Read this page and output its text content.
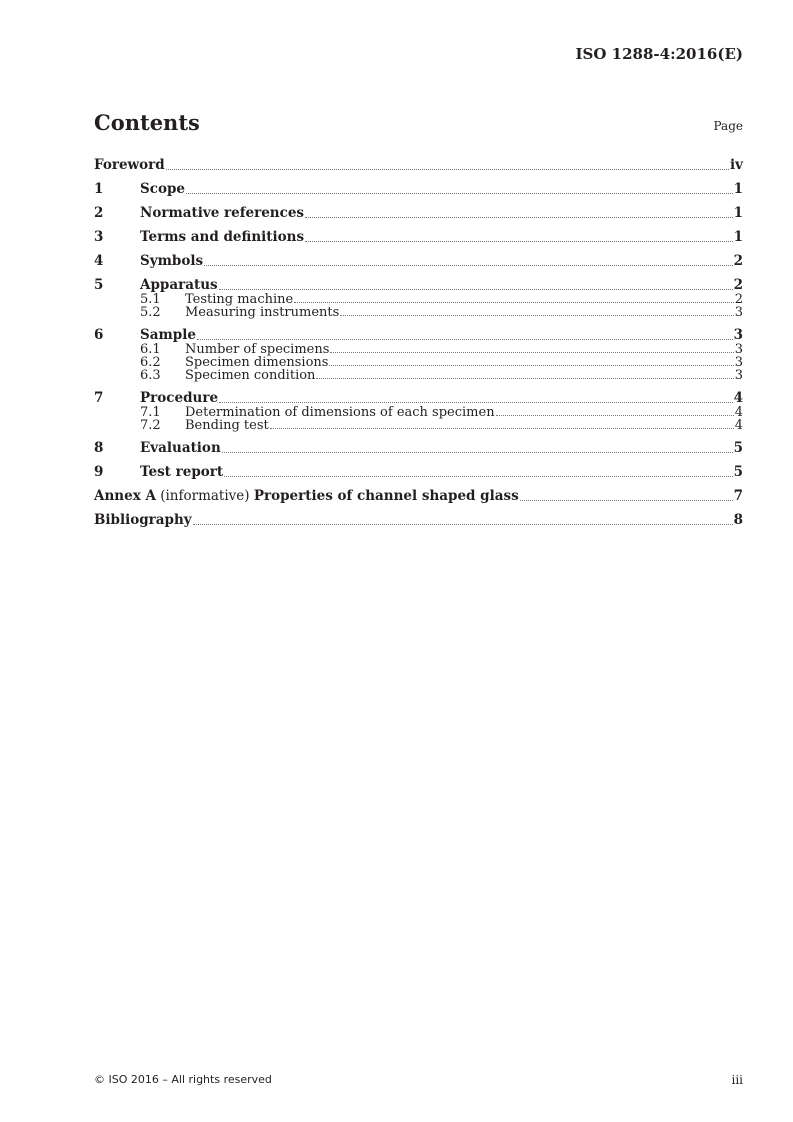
ISO 1288-4:2016(E)
Contents	Page
Foreword	iv
1	Scope	1
2	Normative references	1
3	Terms and definitions	1
4	Symbols	2
5	Apparatus	2
5.1	Testing machine	2
5.2	Measuring instruments	3
6	Sample	3
6.1	Number of specimens	3
6.2	Specimen dimensions	3
6.3	Specimen condition	3
7	Procedure	4
7.1	Determination of dimensions of each specimen	4
7.2	Bending test	4
8	Evaluation	5
9	Test report	5
Annex A (informative) Properties of channel shaped glass	7
Bibliography	8
© ISO 2016 – All rights reserved	iii
